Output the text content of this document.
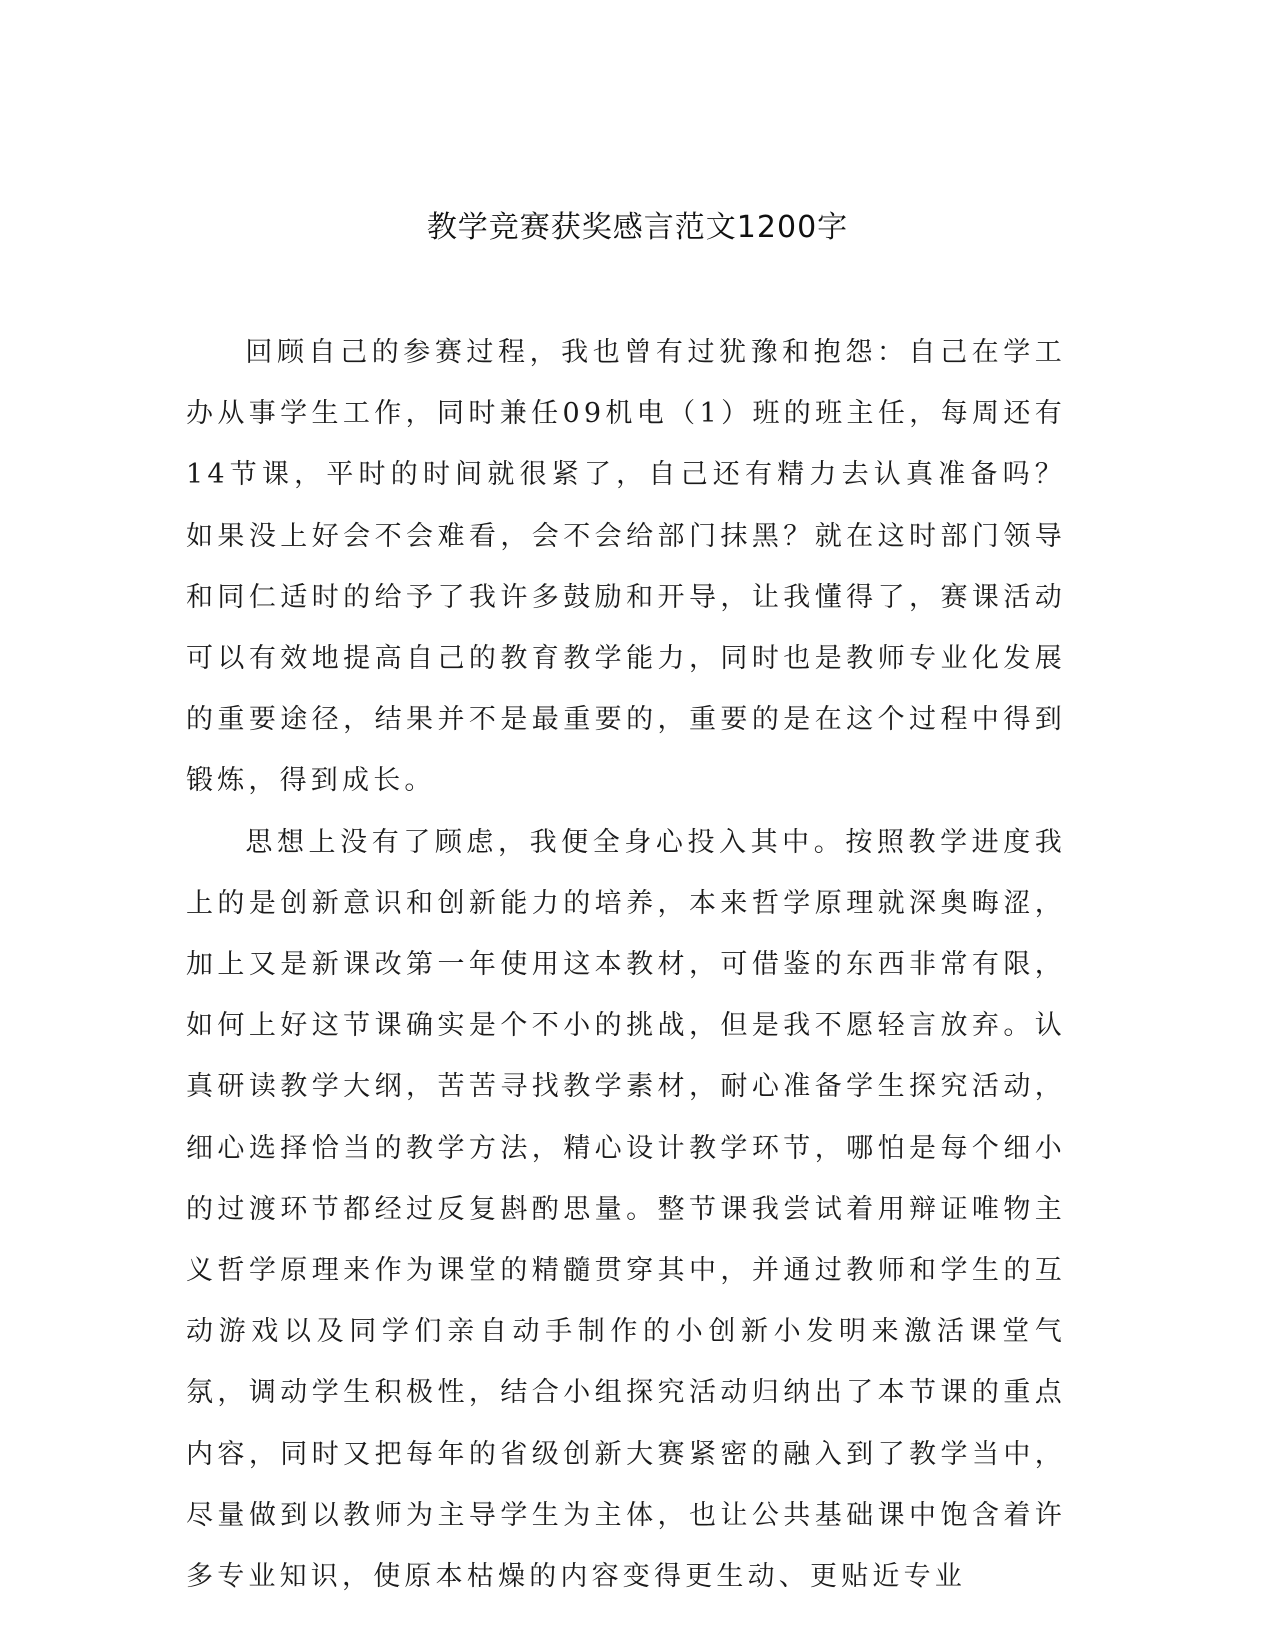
教学竞赛获奖感言范文1200字

回顾自己的参赛过程，我也曾有过犹豫和抱怨：自己在学工办从事学生工作，同时兼任09机电（1）班的班主任，每周还有14节课，平时的时间就很紧了，自己还有精力去认真准备吗？如果没上好会不会难看，会不会给部门抹黑？就在这时部门领导和同仁适时的给予了我许多鼓励和开导，让我懂得了，赛课活动可以有效地提高自己的教育教学能力，同时也是教师专业化发展的重要途径，结果并不是最重要的，重要的是在这个过程中得到锻炼，得到成长。

思想上没有了顾虑，我便全身心投入其中。按照教学进度我上的是创新意识和创新能力的培养，本来哲学原理就深奥晦涩，加上又是新课改第一年使用这本教材，可借鉴的东西非常有限，如何上好这节课确实是个不小的挑战，但是我不愿轻言放弃。认真研读教学大纲，苦苦寻找教学素材，耐心准备学生探究活动，细心选择恰当的教学方法，精心设计教学环节，哪怕是每个细小的过渡环节都经过反复斟酌思量。整节课我尝试着用辩证唯物主义哲学原理来作为课堂的精髓贯穿其中，并通过教师和学生的互动游戏以及同学们亲自动手制作的小创新小发明来激活课堂气氛，调动学生积极性，结合小组探究活动归纳出了本节课的重点内容，同时又把每年的省级创新大赛紧密的融入到了教学当中，尽量做到以教师为主导学生为主体，也让公共基础课中饱含着许多专业知识，使原本枯燥的内容变得更生动、更贴近专业
